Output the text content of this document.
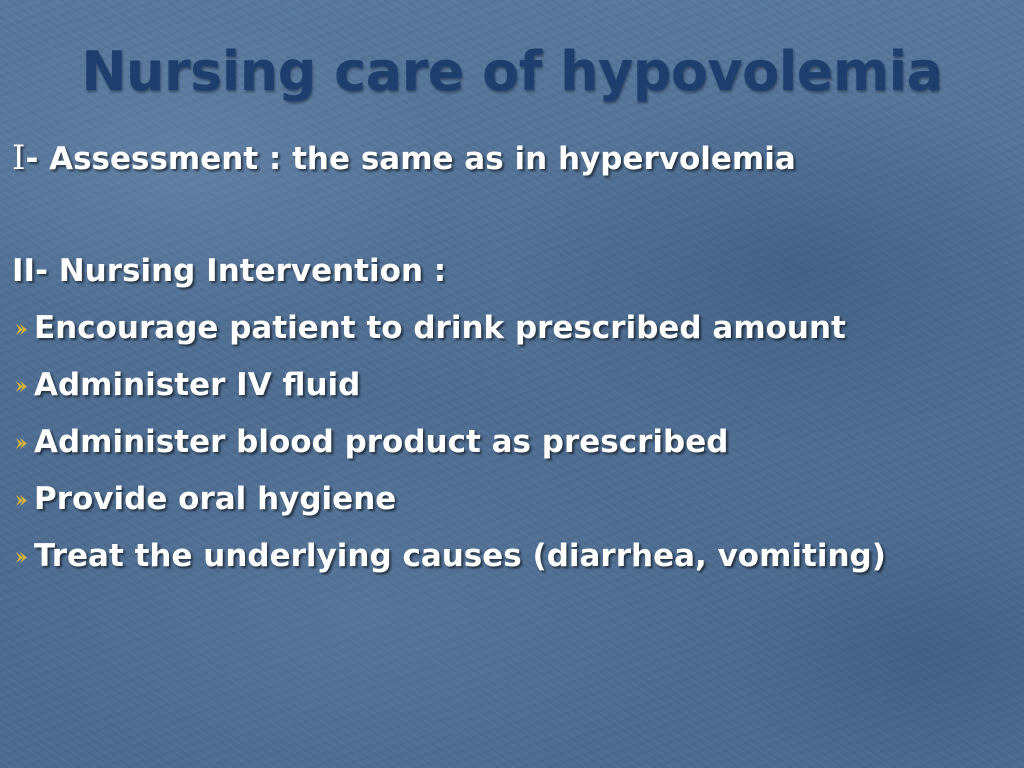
Nursing care of hypovolemia
I- Assessment : the same as in hypervolemia
II- Nursing Intervention :
Encourage patient to drink prescribed amount
Administer IV fluid
Administer blood product as prescribed
Provide oral hygiene
Treat the underlying causes (diarrhea, vomiting)
